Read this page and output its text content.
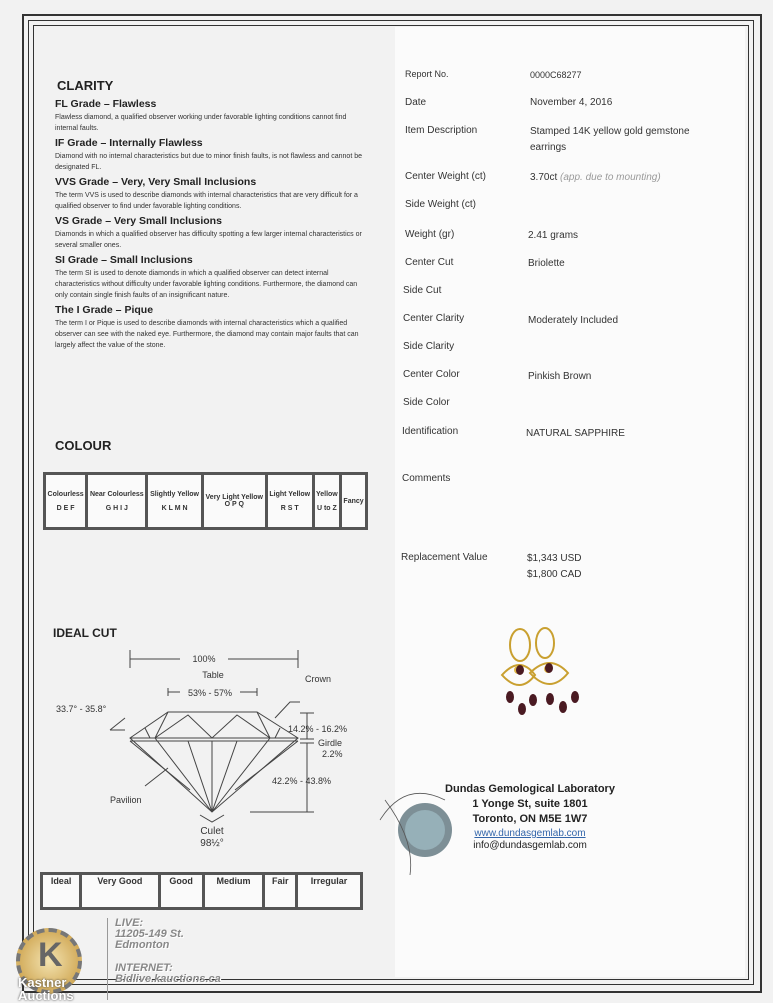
CLARITY
FL Grade – Flawless
Flawless diamond, a qualified observer working under favorable lighting conditions cannot find internal faults.
IF Grade – Internally Flawless
Diamond with no internal characteristics but due to minor finish faults, is not flawless and cannot be designated FL.
VVS Grade – Very, Very Small Inclusions
The term VVS is used to describe diamonds with internal characteristics that are very difficult for a qualified observer to find under favorable lighting conditions.
VS Grade – Very Small Inclusions
Diamonds in which a qualified observer has difficulty spotting a few larger internal characteristics or several smaller ones.
SI Grade – Small Inclusions
The term SI is used to denote diamonds in which a qualified observer can detect internal characteristics without difficulty under favorable lighting conditions. Furthermore, the diamond can only contain single finish faults of an insignificant nature.
The I Grade – Pique
The term I or Pique is used to describe diamonds with internal characteristics which a qualified observer can see with the naked eye. Furthermore, the diamond may contain major faults that can largely affect the value of the stone.
COLOUR
Colourless

D E F

Near Colourless

G H I J

Slightly Yellow

K L M N

Very Light Yellow
O P Q

Light Yellow

R S T

Yellow

U to Z

Fancy
IDEAL CUT
100%
Table
53% - 57%
Crown
33.7° - 35.8°
14.2% - 16.2%
Girdle
2.2%
42.2% - 43.8%
Pavilion
Culet
98½°
Ideal	Very Good	Good	Medium	Fair	Irregular
Report No.	0000C68277
Date	November 4, 2016
Item Description	Stamped 14K yellow gold gemstone earrings
Center Weight (ct)	3.70ct (app. due to mounting)
Side Weight (ct)
Weight (gr)	2.41 grams
Center Cut	Briolette
Side Cut
Center Clarity	Moderately Included
Side Clarity
Center Color	Pinkish Brown
Side Color
Identification	NATURAL SAPPHIRE
Comments
Replacement Value	$1,343 USD
$1,800 CAD
Dundas Gemological Laboratory
1 Yonge St, suite 1801
Toronto, ON M5E 1W7
www.dundasgemlab.com
info@dundasgemlab.com
K
Kastner
Auctions
LIVE:
11205-149 St.
Edmonton
INTERNET:
Bidlive.kauctions.ca
